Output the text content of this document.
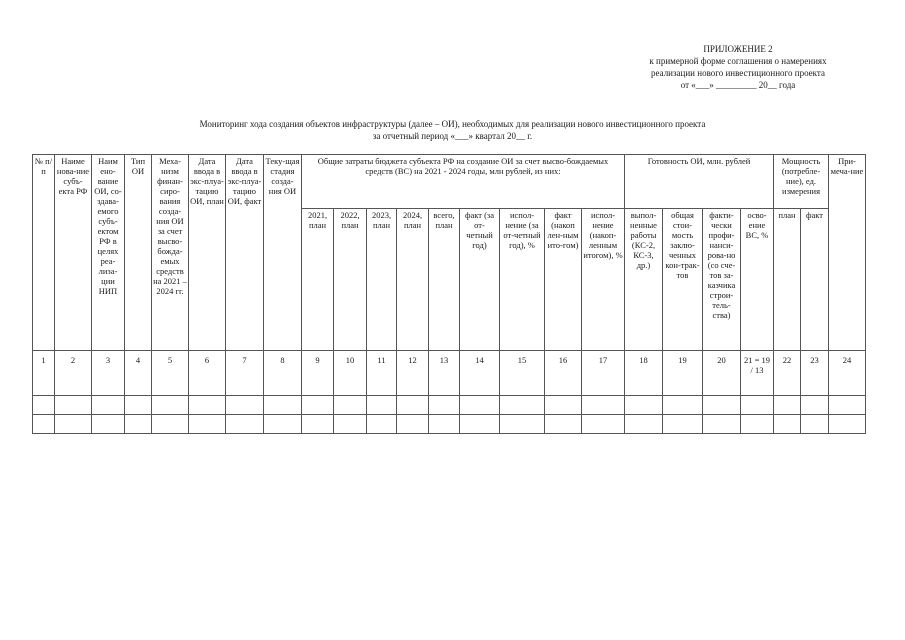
ПРИЛОЖЕНИЕ 2
к примерной форме соглашения о намерениях
реализации нового инвестиционного проекта
от «___» _________ 20__ года
Мониторинг хода создания объектов инфраструктуры (далее – ОИ), необходимых для реализации нового инвестиционного проекта
за отчетный период «___» квартал 20__ г.
№ п/п	Наиме нова-ние субъ-екта РФ	Наим ено-вание ОИ, со-здава-емого субъ-ектом РФ в целях реа-лиза-ции НИП	Тип ОИ	Меха-низм финан-сиро-вания созда-ния ОИ за счет высво-божда-емых средств на 2021 – 2024 гг.	Дата ввода в экс-плуа-тацию ОИ, план	Дата ввода в экс-плуа-тацию ОИ, факт	Теку-щая стадия созда-ния ОИ	Общие затраты бюджета субъекта РФ на создание ОИ за счет высво-бождаемых средств (ВС) на 2021 - 2024 годы, млн рублей, из них:									Готовность ОИ, млн. рублей				Мощность (потребле-ние), ед. измерения		При-меча-ние
								2021, план	2022, план	2023, план	2024, план	всего, план	факт (за от-четный год)	испол-нение (за от-четный год), %	факт (накоп лен-ным ито-гом)	испол-нение (накоп-ленным итогом), %	выпол-ненные работы (КС-2, КС-3, др.)	общая стои-мость заклю-ченных кон-трак-тов	факти-чески профи-нанси-рова-но (со сче-тов за-казчика строи-тель-ства)	осво-ение ВС, %	план	факт	
1	2	3	4	5	6	7	8	9	10	11	12	13	14	15	16	17	18	19	20	21 = 19 / 13	22	23	24
